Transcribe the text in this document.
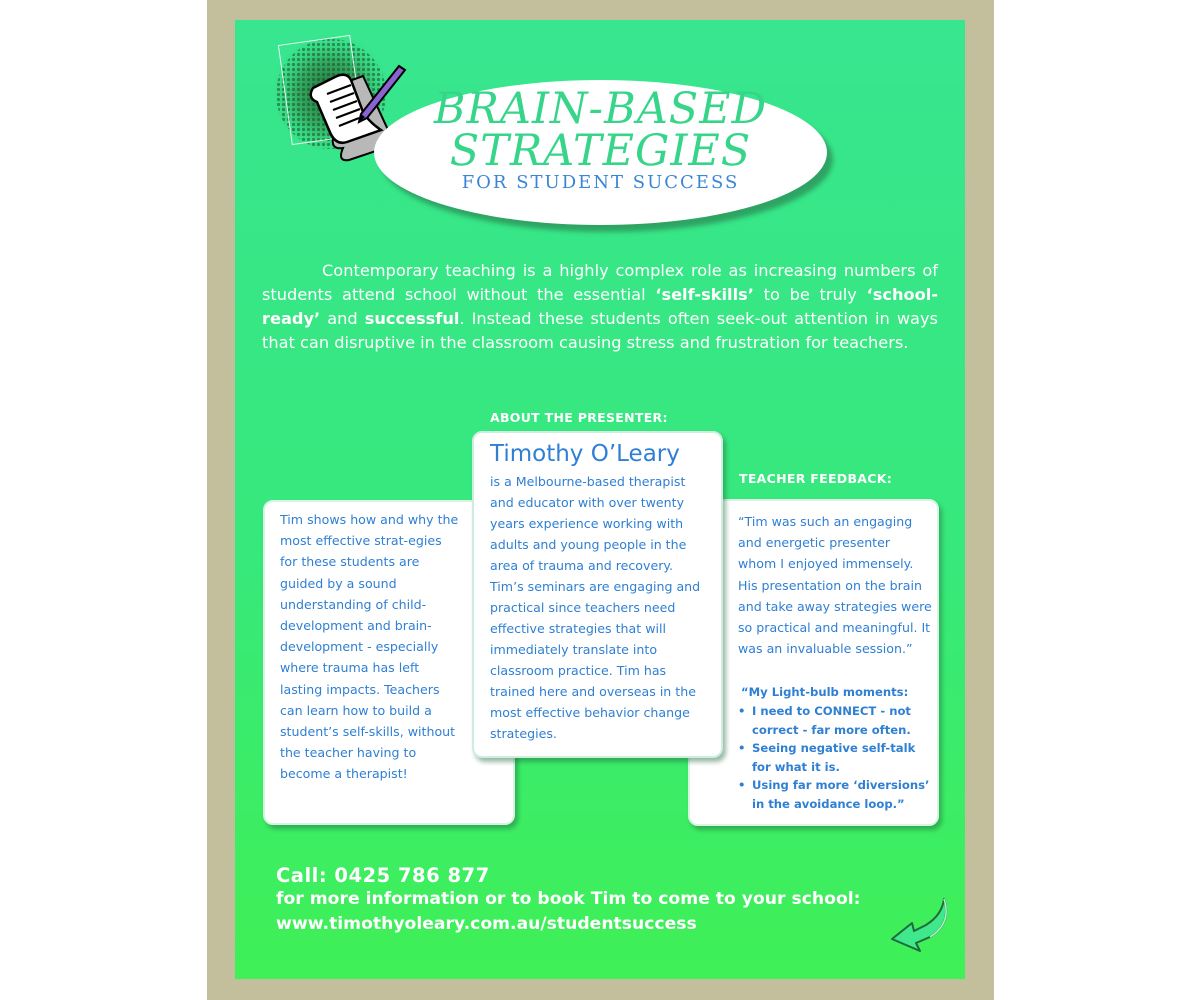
BRAIN-BASED
STRATEGIES
FOR STUDENT SUCCESS

Contemporary teaching is a highly complex role as increasing numbers of students attend school without the essential ‘self-skills’ to be truly ‘school-ready’ and successful. Instead these students often seek-out attention in ways that can disruptive in the classroom causing stress and frustration for teachers.

ABOUT THE PRESENTER:
TEACHER FEEDBACK:

Tim shows how and why the most effective strat-egies for these students are guided by a sound understanding of child-development and brain-development - especially where trauma has left lasting impacts. Teachers can learn how to build a student’s self-skills, without the teacher having to become a therapist!

“Tim was such an engaging and energetic presenter whom I enjoyed immensely. His presentation on the brain and take away strategies were so practical and meaningful. It was an invaluable session.”

“My Light-bulb moments:
• I need to CONNECT - not correct - far more often.
• Seeing negative self-talk for what it is.
• Using far more ‘diversions’ in the avoidance loop.”
Timothy O’Leary

is a Melbourne-based therapist and educator with over twenty years experience working with adults and young people in the area of trauma and recovery. Tim’s seminars are engaging and practical since teachers need effective strategies that will immediately translate into classroom practice. Tim has trained here and overseas in the most effective behavior change strategies.

Call: 0425 786 877
for more information or to book Tim to come to your school:
www.timothyoleary.com.au/studentsuccess
